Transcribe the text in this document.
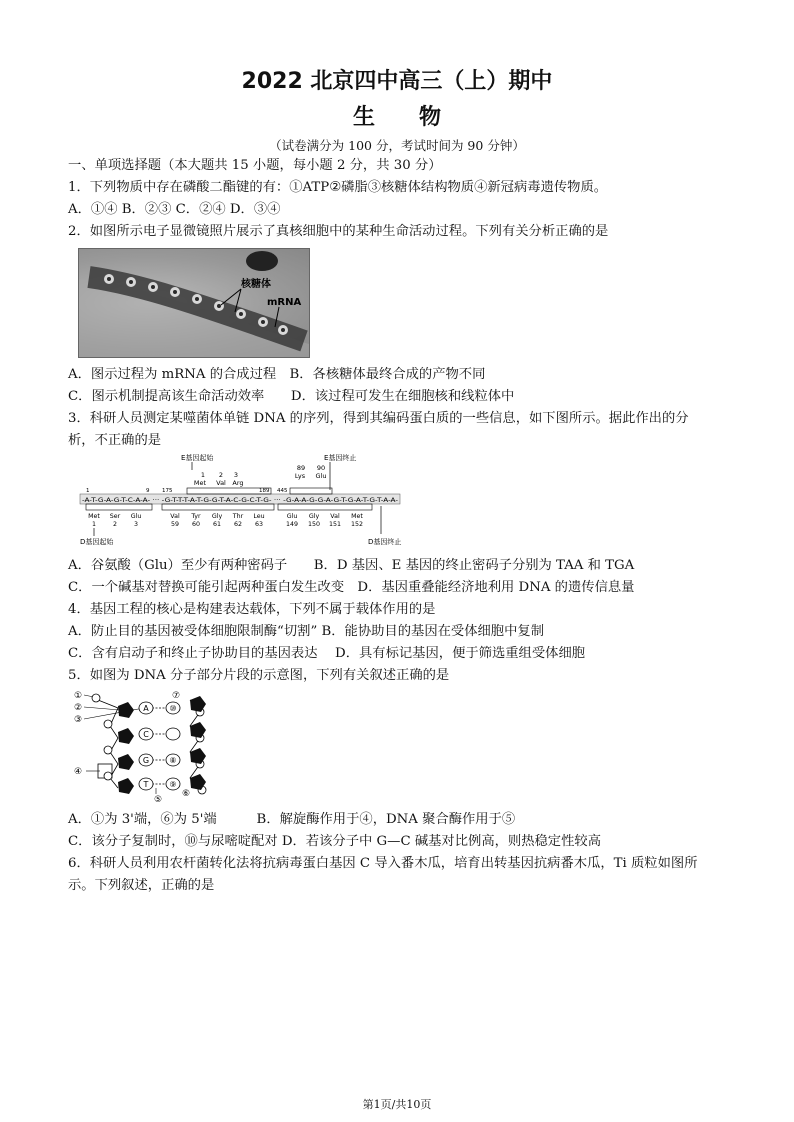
2022 北京四中高三（上）期中
生　　物
（试卷满分为 100 分，考试时间为 90 分钟）
一、单项选择题（本大题共 15 小题，每小题 2 分，共 30 分）
1．下列物质中存在磷酸二酯键的有：①ATP②磷脂③核糖体结构物质④新冠病毒遗传物质。
A．①④ B．②③ C．②④ D．③④
2．如图所示电子显微镜照片展示了真核细胞中的某种生命活动过程。下列有关分析正确的是
核糖体
mRNA
A．图示过程为 mRNA 的合成过程　B．各核糖体最终合成的产物不同
C．图示机制提高该生命活动效率　　D．该过程可发生在细胞核和线粒体中
3．科研人员测定某噬菌体单链 DNA 的序列，得到其编码蛋白质的一些信息，如下图所示。据此作出的分
析，不正确的是
E基因起始	E基因终止
1 2 3
89 90
Met Val Arg
Lys Glu
1	9 175	189 445
-A-T-G-A-G-T-C-A-A- ··· -G-T-T-T-A-T-G-G-T-A-C-G-C-T-G- ··· -G-A-A-G-G-A-G-T-G-A-T-G-T-A-A-
Met Ser Glu	Val Tyr Gly Thr Leu	Glu Gly Val Met
1	2	3	59 60 61 62 63	149 150 151 152
D基因起始	D基因终止
A．谷氨酸（Glu）至少有两种密码子　　B．D 基因、E 基因的终止密码子分别为 TAA 和 TGA
C．一个碱基对替换可能引起两种蛋白发生改变　D．基因重叠能经济地利用 DNA 的遗传信息量
4．基因工程的核心是构建表达载体，下列不属于载体作用的是
A．防止目的基因被受体细胞限制酶“切割” B．能协助目的基因在受体细胞中复制
C．含有启动子和终止子协助目的基因表达　 D．具有标记基因，便于筛选重组受体细胞
5．如图为 DNA 分子部分片段的示意图，下列有关叙述正确的是
①
②
③
④
⑤
⑥
⑦
A
C
G
T
⑩
⑧
⑨
A．①为 3'端，⑥为 5'端　　　B．解旋酶作用于④，DNA 聚合酶作用于⑤
C．该分子复制时，⑩与尿嘧啶配对 D．若该分子中 G—C 碱基对比例高，则热稳定性较高
6．科研人员利用农杆菌转化法将抗病毒蛋白基因 C 导入番木瓜，培育出转基因抗病番木瓜，Ti 质粒如图所
示。下列叙述，正确的是
第1页/共10页
